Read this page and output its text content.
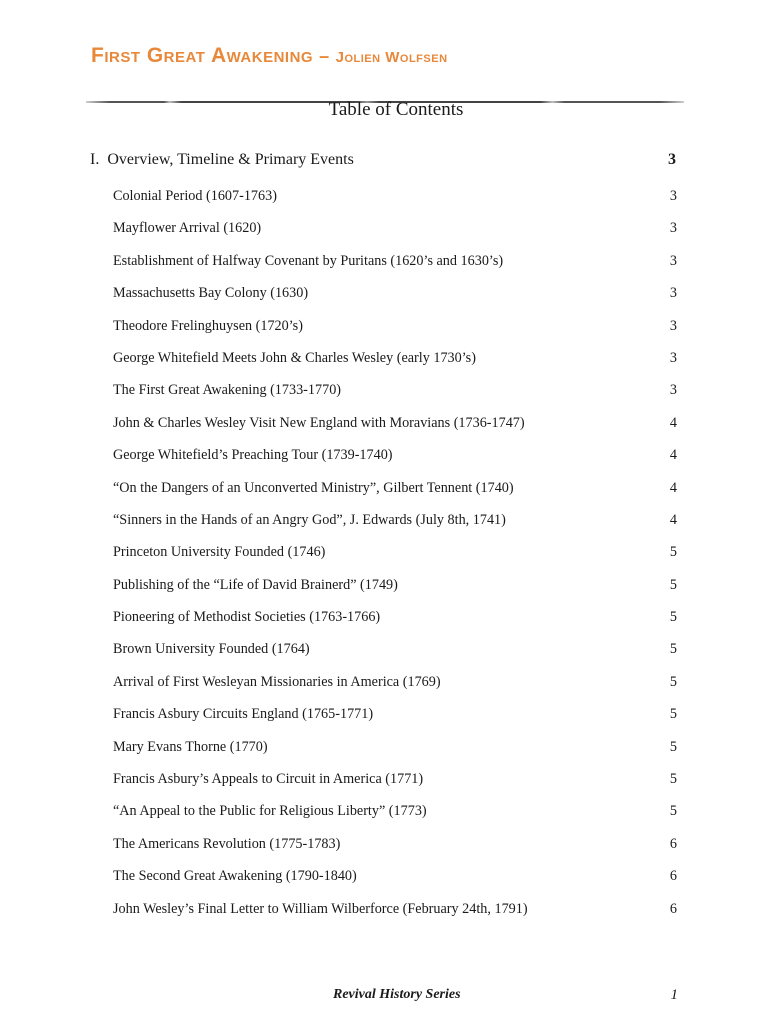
First Great Awakening – Jolien Wolfsen
Table of Contents
I. Overview, Timeline & Primary Events	3
Colonial Period (1607-1763)	3
Mayflower Arrival (1620)	3
Establishment of Halfway Covenant by Puritans (1620’s and 1630’s)	3
Massachusetts Bay Colony (1630)	3
Theodore Frelinghuysen (1720’s)	3
George Whitefield Meets John & Charles Wesley (early 1730’s)	3
The First Great Awakening (1733-1770)	3
John & Charles Wesley Visit New England with Moravians (1736-1747)	4
George Whitefield’s Preaching Tour (1739-1740)	4
“On the Dangers of an Unconverted Ministry”, Gilbert Tennent (1740)	4
“Sinners in the Hands of an Angry God”, J. Edwards (July 8th, 1741)	4
Princeton University Founded (1746)	5
Publishing of the “Life of David Brainerd” (1749)	5
Pioneering of Methodist Societies (1763-1766)	5
Brown University Founded (1764)	5
Arrival of First Wesleyan Missionaries in America (1769)	5
Francis Asbury Circuits England (1765-1771)	5
Mary Evans Thorne (1770)	5
Francis Asbury’s Appeals to Circuit in America (1771)	5
“An Appeal to the Public for Religious Liberty” (1773)	5
The Americans Revolution (1775-1783)	6
The Second Great Awakening (1790-1840)	6
John Wesley’s Final Letter to William Wilberforce (February 24th, 1791)	6
Revival History Series	1
